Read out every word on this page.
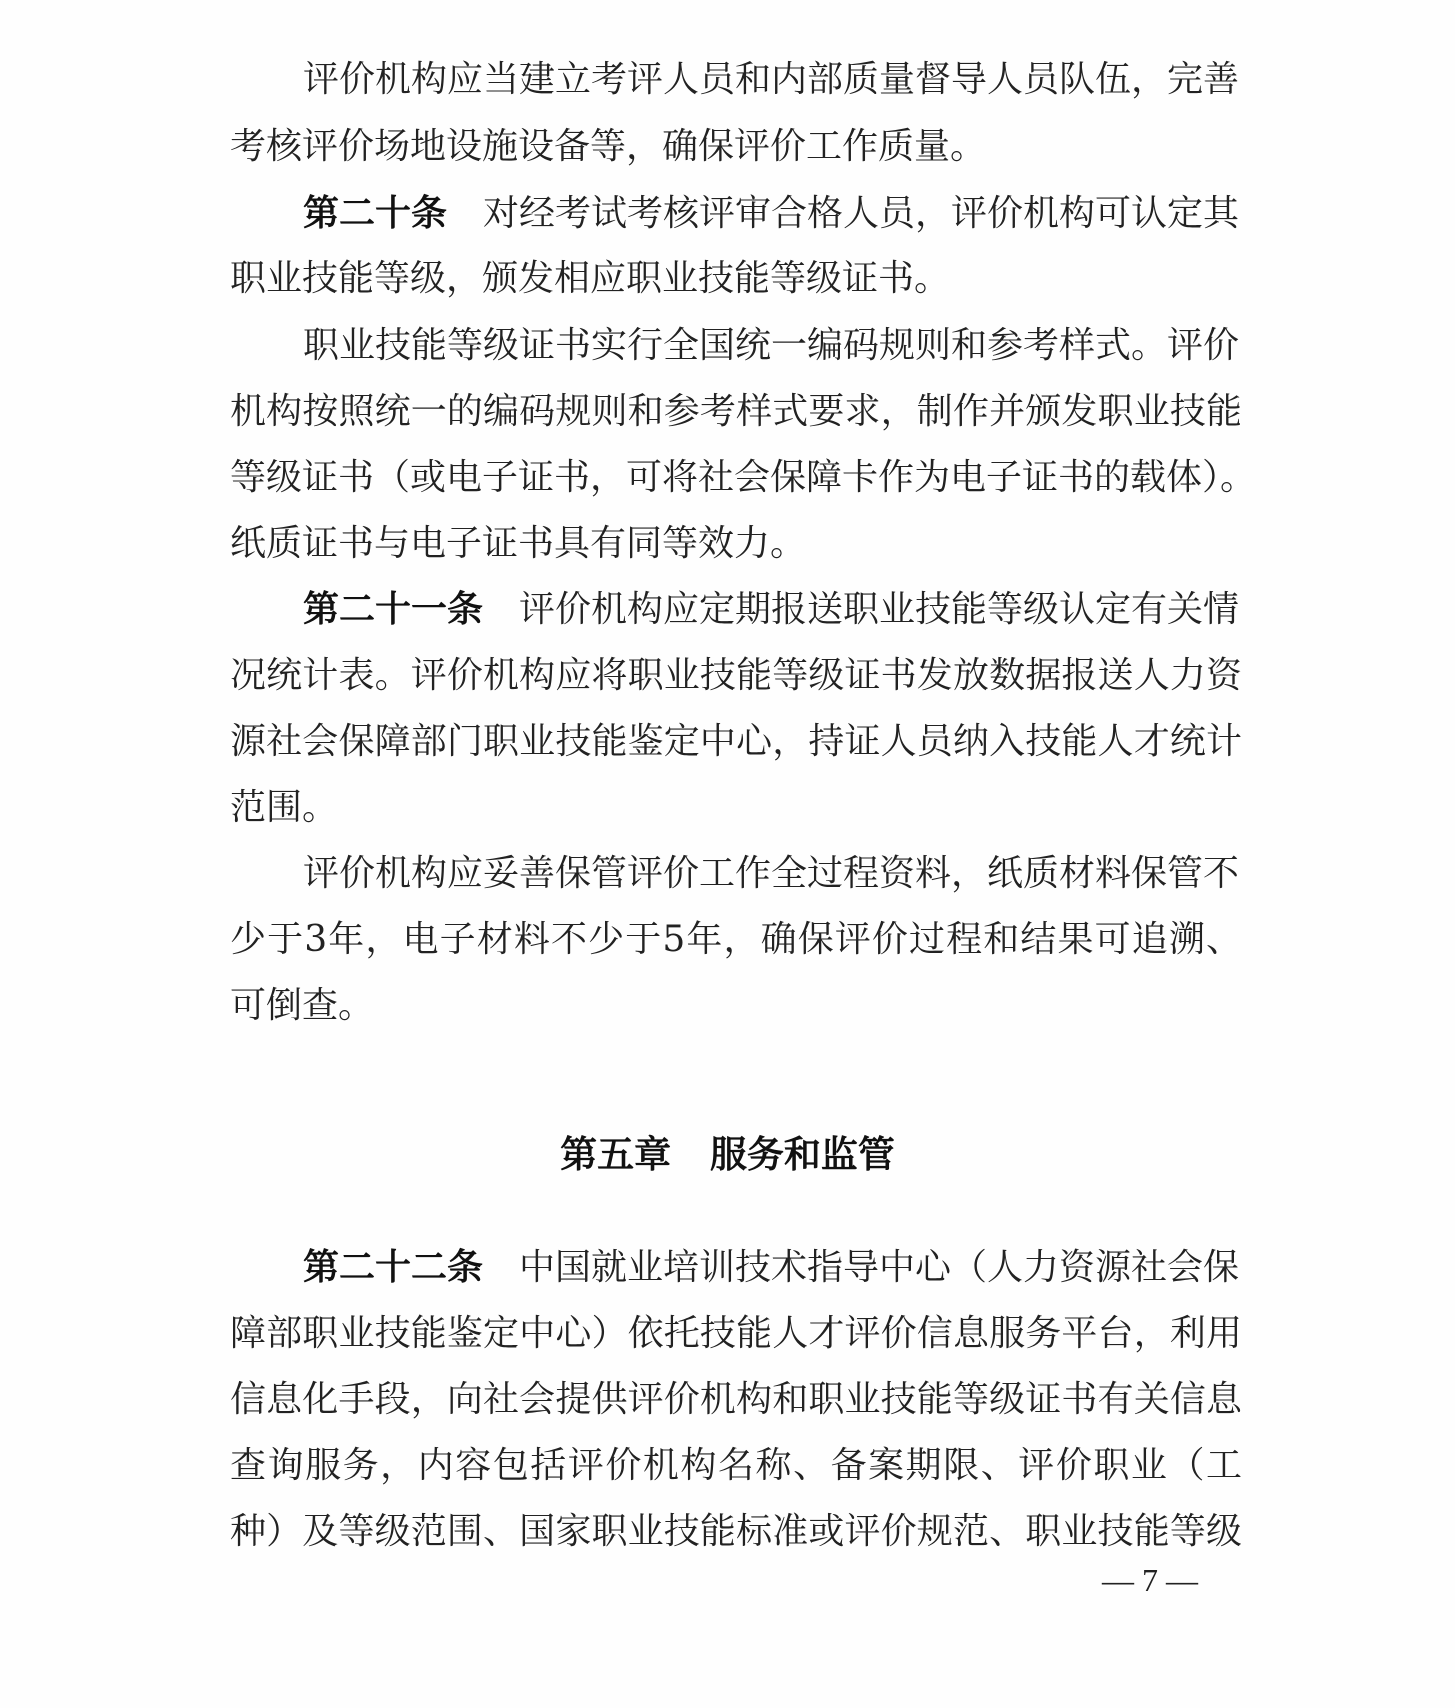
评价机构应当建立考评人员和内部质量督导人员队伍，完善
考核评价场地设施设备等，确保评价工作质量。
第二十条 对经考试考核评审合格人员，评价机构可认定其
职业技能等级，颁发相应职业技能等级证书。
职业技能等级证书实行全国统一编码规则和参考样式。评价
机构按照统一的编码规则和参考样式要求，制作并颁发职业技能
等级证书（或电子证书，可将社会保障卡作为电子证书的载体）。
纸质证书与电子证书具有同等效力。
第二十一条 评价机构应定期报送职业技能等级认定有关情
况统计表。评价机构应将职业技能等级证书发放数据报送人力资
源社会保障部门职业技能鉴定中心，持证人员纳入技能人才统计
范围。
评价机构应妥善保管评价工作全过程资料，纸质材料保管不
少于3年，电子材料不少于5年，确保评价过程和结果可追溯、
可倒查。
第五章 服务和监管
第二十二条 中国就业培训技术指导中心（人力资源社会保
障部职业技能鉴定中心）依托技能人才评价信息服务平台，利用
信息化手段，向社会提供评价机构和职业技能等级证书有关信息
查询服务，内容包括评价机构名称、备案期限、评价职业（工
种）及等级范围、国家职业技能标准或评价规范、职业技能等级
— 7 —
